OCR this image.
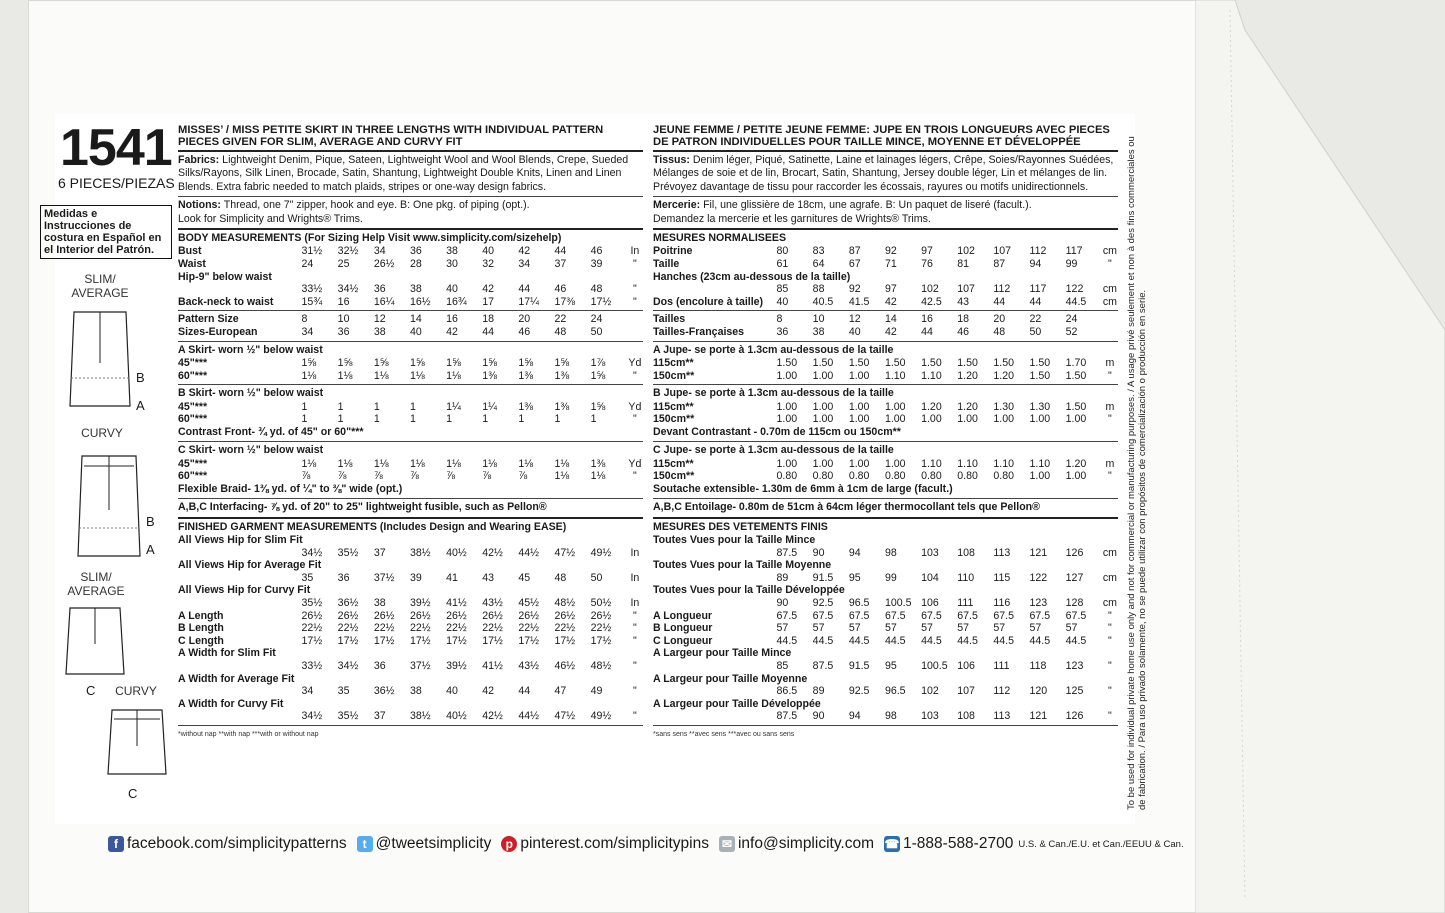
1541
6 PIECES/PIEZAS
Medidas e Instrucciones de costura en Español en el Interior del Patrón.
SLIM/ AVERAGE
B
A
CURVY
B
A
SLIM/ AVERAGE
C	CURVY
C
MISSES’ / MISS PETITE SKIRT IN THREE LENGTHS WITH INDIVIDUAL PATTERN PIECES GIVEN FOR SLIM, AVERAGE AND CURVY FIT
Fabrics: Lightweight Denim, Pique, Sateen, Lightweight Wool and Wool Blends, Crepe, Sueded Silks/Rayons, Silk Linen, Brocade, Satin, Shantung, Lightweight Double Knits, Linen and Linen Blends. Extra fabric needed to match plaids, stripes or one-way design fabrics.
Notions: Thread, one 7" zipper, hook and eye. B: One pkg. of piping (opt.).
Look for Simplicity and Wrights® Trims.
BODY MEASUREMENTS (For Sizing Help Visit www.simplicity.com/sizehelp)
Bust	31½	32½	34	36	38	40	42	44	46	In
Waist	24	25	26½	28	30	32	34	37	39	"
Hip-9" below waist										
	33½	34½	36	38	40	42	44	46	48	"
Back-neck to waist	15¾	16	16¼	16½	16¾	17	17¼	17⅜	17½	"
Pattern Size	8	10	12	14	16	18	20	22	24	
Sizes-European	34	36	38	40	42	44	46	48	50	
A Skirt- worn ½" below waist
45"***	1⅝	1⅝	1⅝	1⅝	1⅝	1⅝	1⅝	1⅝	1⅞	Yd
60"***	1⅛	1⅛	1⅛	1⅛	1⅛	1⅜	1⅜	1⅜	1⅝	"
B Skirt- worn ½" below waist
45"***	1	1	1	1	1¼	1¼	1⅜	1⅜	1⅝	Yd
60"***	1	1	1	1	1	1	1	1	1	"
Contrast Front- ¾ yd. of 45" or 60"***
C Skirt- worn ½" below waist
45"***	1⅛	1⅛	1⅛	1⅛	1⅛	1⅛	1⅛	1⅛	1⅜	Yd
60"***	⅞	⅞	⅞	⅞	⅞	⅞	⅞	1⅛	1⅛	"
Flexible Braid- 1⅜ yd. of ¼" to ⅜" wide (opt.)
A,B,C Interfacing- ⅞ yd. of 20" to 25" lightweight fusible, such as Pellon®
FINISHED GARMENT MEASUREMENTS (Includes Design and Wearing EASE)
All Views Hip for Slim Fit										
	34½	35½	37	38½	40½	42½	44½	47½	49½	In
All Views Hip for Average Fit										
	35	36	37½	39	41	43	45	48	50	In
All Views Hip for Curvy Fit										
	35½	36½	38	39½	41½	43½	45½	48½	50½	In
A Length	26½	26½	26½	26½	26½	26½	26½	26½	26½	"
B Length	22½	22½	22½	22½	22½	22½	22½	22½	22½	"
C Length	17½	17½	17½	17½	17½	17½	17½	17½	17½	"
A Width for Slim Fit										
	33½	34½	36	37½	39½	41½	43½	46½	48½	"
A Width for Average Fit										
	34	35	36½	38	40	42	44	47	49	"
A Width for Curvy Fit										
	34½	35½	37	38½	40½	42½	44½	47½	49½	"
*without nap **with nap ***with or without nap
JEUNE FEMME / PETITE JEUNE FEMME: JUPE EN TROIS LONGUEURS AVEC PIECES DE PATRON INDIVIDUELLES POUR TAILLE MINCE, MOYENNE ET DÉVELOPPÉE
Tissus: Denim léger, Piqué, Satinette, Laine et lainages légers, Crêpe, Soies/Rayonnes Suédées, Mélanges de soie et de lin, Brocart, Satin, Shantung, Jersey double léger, Lin et mélanges de lin. Prévoyez davantage de tissu pour raccorder les écossais, rayures ou motifs unidirectionnels.
Mercerie: Fil, une glissière de 18cm, une agrafe. B: Un paquet de liseré (facult.).
Demandez la mercerie et les garnitures de Wrights® Trims.
MESURES NORMALISEES
Poitrine	80	83	87	92	97	102	107	112	117	cm
Taille	61	64	67	71	76	81	87	94	99	"
Hanches (23cm au-dessous de la taille)										
	85	88	92	97	102	107	112	117	122	cm
Dos (encolure à taille)	40	40.5	41.5	42	42.5	43	44	44	44.5	cm
Tailles	8	10	12	14	16	18	20	22	24	
Tailles-Françaises	36	38	40	42	44	46	48	50	52	
A Jupe- se porte à 1.3cm au-dessous de la taille
115cm**	1.50	1.50	1.50	1.50	1.50	1.50	1.50	1.50	1.70	m
150cm**	1.00	1.00	1.00	1.10	1.10	1.20	1.20	1.50	1.50	"
B Jupe- se porte à 1.3cm au-dessous de la taille
115cm**	1.00	1.00	1.00	1.00	1.20	1.20	1.30	1.30	1.50	m
150cm**	1.00	1.00	1.00	1.00	1.00	1.00	1.00	1.00	1.00	"
Devant Contrastant - 0.70m de 115cm ou 150cm**
C Jupe- se porte à 1.3cm au-dessous de la taille
115cm**	1.00	1.00	1.00	1.00	1.10	1.10	1.10	1.10	1.20	m
150cm**	0.80	0.80	0.80	0.80	0.80	0.80	0.80	1.00	1.00	"
Soutache extensible- 1.30m de 6mm à 1cm de large (facult.)
A,B,C Entoilage- 0.80m de 51cm à 64cm léger thermocollant tels que Pellon®
MESURES DES VETEMENTS FINIS
Toutes Vues pour la Taille Mince										
	87.5	90	94	98	103	108	113	121	126	cm
Toutes Vues pour la Taille Moyenne										
	89	91.5	95	99	104	110	115	122	127	cm
Toutes Vues pour la Taille Développée										
	90	92.5	96.5	100.5	106	111	116	123	128	cm
A Longueur	67.5	67.5	67.5	67.5	67.5	67.5	67.5	67.5	67.5	"
B Longueur	57	57	57	57	57	57	57	57	57	"
C Longueur	44.5	44.5	44.5	44.5	44.5	44.5	44.5	44.5	44.5	"
A Largeur pour Taille Mince										
	85	87.5	91.5	95	100.5	106	111	118	123	"
A Largeur pour Taille Moyenne										
	86.5	89	92.5	96.5	102	107	112	120	125	"
A Largeur pour Taille Développée										
	87.5	90	94	98	103	108	113	121	126	"
*sans sens **avec sens ***avec ou sans sens	To be used for individual private home use only and not for commercial or manufacturing purposes. / A usage privé seulement et non à des fins commerciales ou de fabrication. / Para uso privado solamente, no se puede utilizar con propósitos de comercialización o producción en serie.
f facebook.com/simplicitypatterns	t @tweetsimplicity	p pinterest.com/simplicitypins ✉ info@simplicity.com ☎ 1-888-588-2700 U.S. & Can./E.U. et Can./EEUU & Can.
